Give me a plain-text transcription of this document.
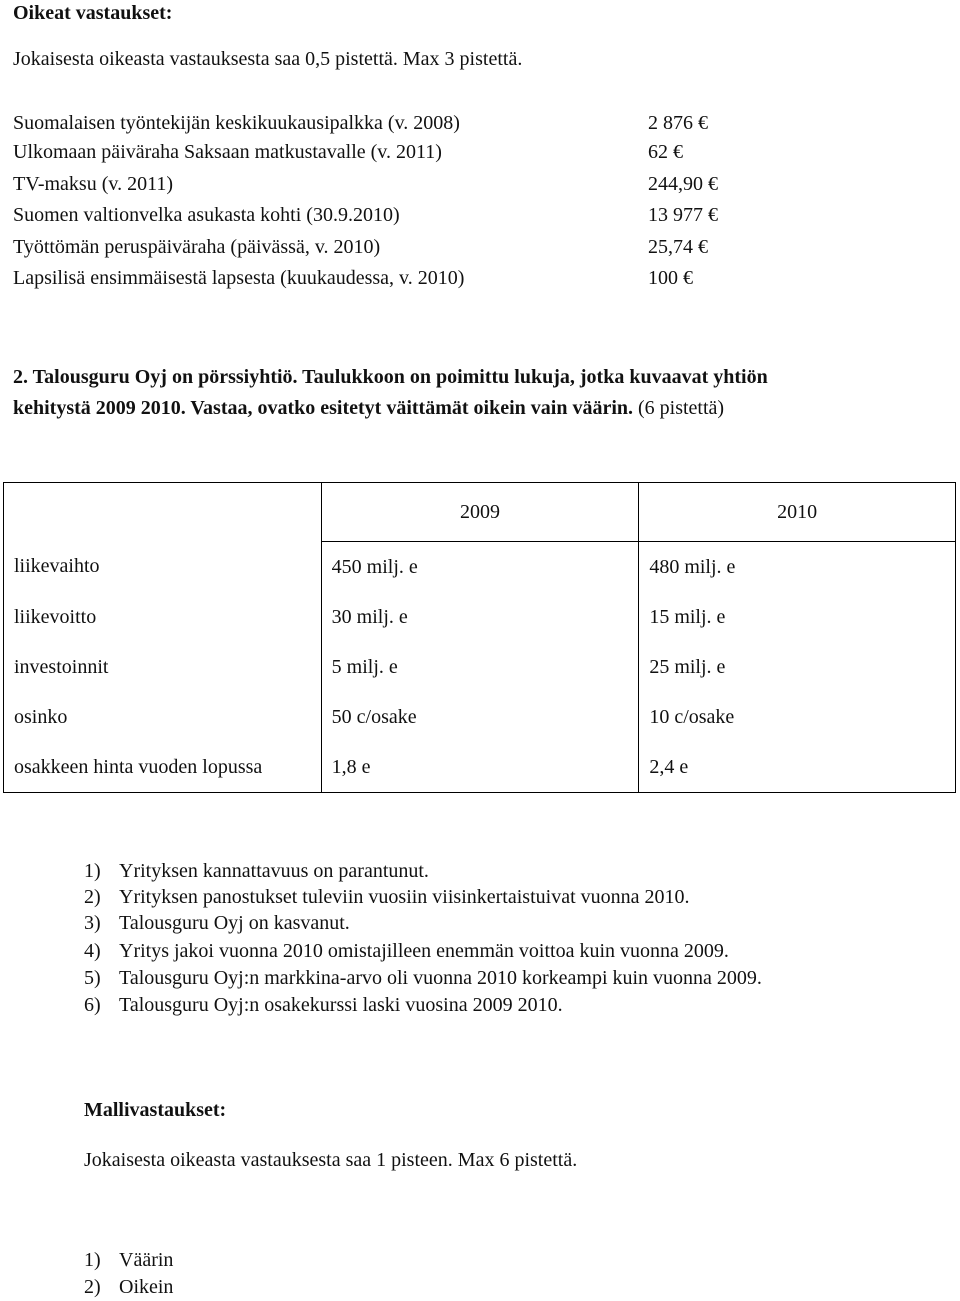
Oikeat vastaukset:
Jokaisesta oikeasta vastauksesta saa 0,5 pistettä. Max 3 pistettä.
Suomalaisen työntekijän keskikuukausipalkka (v. 2008)	2 876 €
Ulkomaan päiväraha Saksaan matkustavalle (v. 2011)	62 €
TV-maksu (v. 2011)	244,90 €
Suomen valtionvelka asukasta kohti (30.9.2010)	13 977 €
Työttömän peruspäiväraha (päivässä, v. 2010)	25,74 €
Lapsilisä ensimmäisestä lapsesta (kuukaudessa, v. 2010)	100 €
2. Talousguru Oyj on pörssiyhtiö. Taulukkoon on poimittu lukuja, jotka kuvaavat yhtiön
kehitystä 2009 2010. Vastaa, ovatko esitetyt väittämät oikein vain väärin. (6 pistettä)
	2009	2010
liikevaihto	450 milj. e	480 milj. e
liikevoitto	30 milj. e	15 milj. e
investoinnit	5 milj. e	25 milj. e
osinko	50 c/osake	10 c/osake
osakkeen hinta vuoden lopussa	1,8 e	2,4 e
1) Yrityksen kannattavuus on parantunut.
2) Yrityksen panostukset tuleviin vuosiin viisinkertaistuivat vuonna 2010.
3) Talousguru Oyj on kasvanut.
4) Yritys jakoi vuonna 2010 omistajilleen enemmän voittoa kuin vuonna 2009.
5) Talousguru Oyj:n markkina-arvo oli vuonna 2010 korkeampi kuin vuonna 2009.
6) Talousguru Oyj:n osakekurssi laski vuosina 2009 2010.
Mallivastaukset:
Jokaisesta oikeasta vastauksesta saa 1 pisteen. Max 6 pistettä.
1) Väärin
2) Oikein
